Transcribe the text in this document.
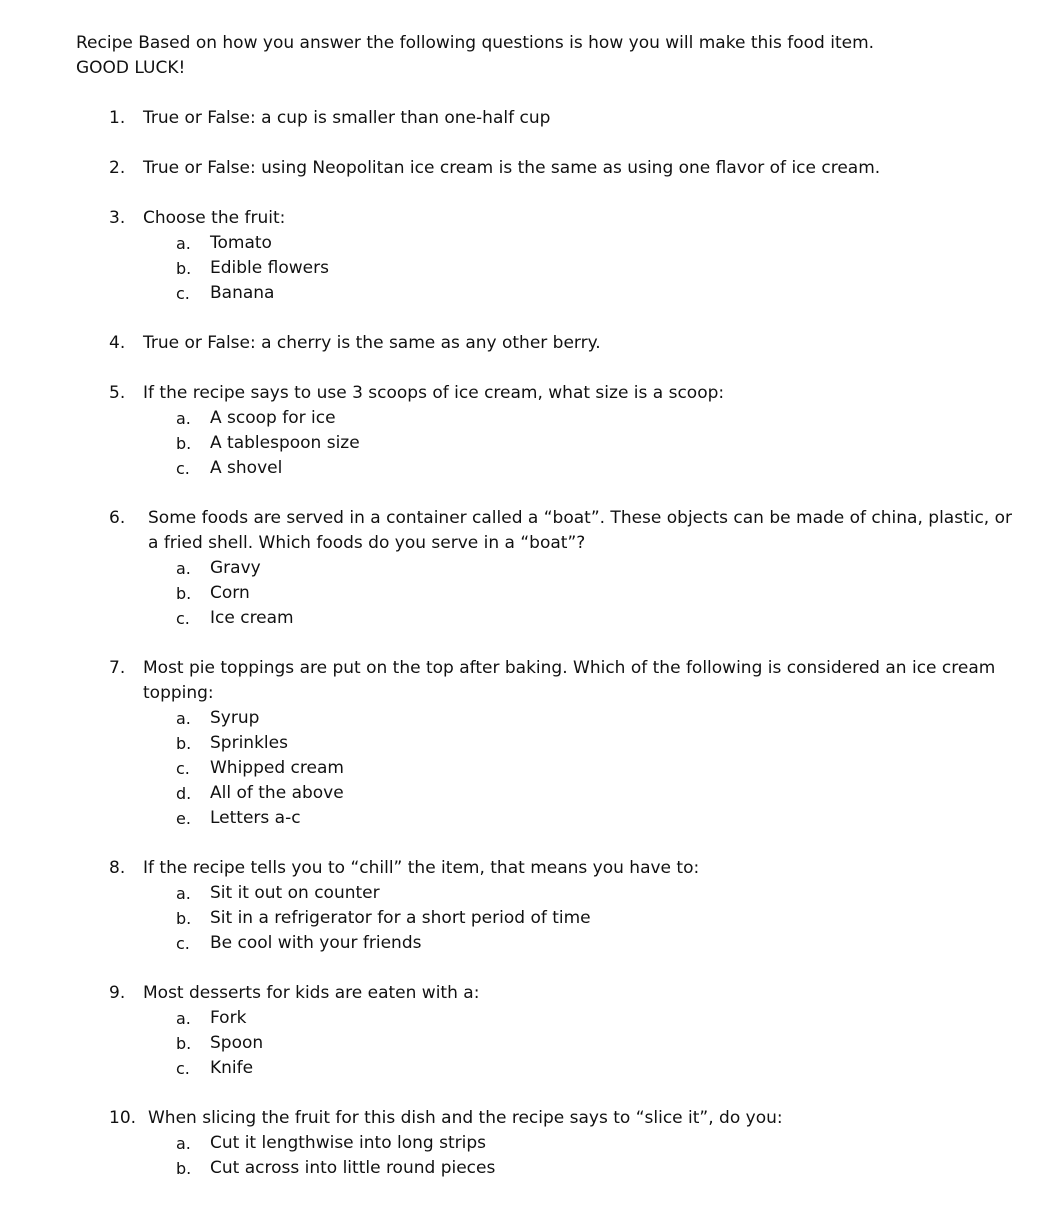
Recipe Based on how you answer the following questions is how you will make this food item.
GOOD LUCK!
1. True or False: a cup is smaller than one-half cup
2. True or False: using Neopolitan ice cream is the same as using one flavor of ice cream.
3. Choose the fruit:
a. Tomato
b. Edible flowers
c. Banana
4. True or False: a cherry is the same as any other berry.
5. If the recipe says to use 3 scoops of ice cream, what size is a scoop:
a. A scoop for ice
b. A tablespoon size
c. A shovel
6. Some foods are served in a container called a “boat”. These objects can be made of china, plastic, or a fried shell. Which foods do you serve in a “boat”?
a. Gravy
b. Corn
c. Ice cream
7. Most pie toppings are put on the top after baking. Which of the following is considered an ice cream topping:
a. Syrup
b. Sprinkles
c. Whipped cream
d. All of the above
e. Letters a-c
8. If the recipe tells you to “chill” the item, that means you have to:
a. Sit it out on counter
b. Sit in a refrigerator for a short period of time
c. Be cool with your friends
9. Most desserts for kids are eaten with a:
a. Fork
b. Spoon
c. Knife
10. When slicing the fruit for this dish and the recipe says to “slice it”, do you:
a. Cut it lengthwise into long strips
b. Cut across into little round pieces
